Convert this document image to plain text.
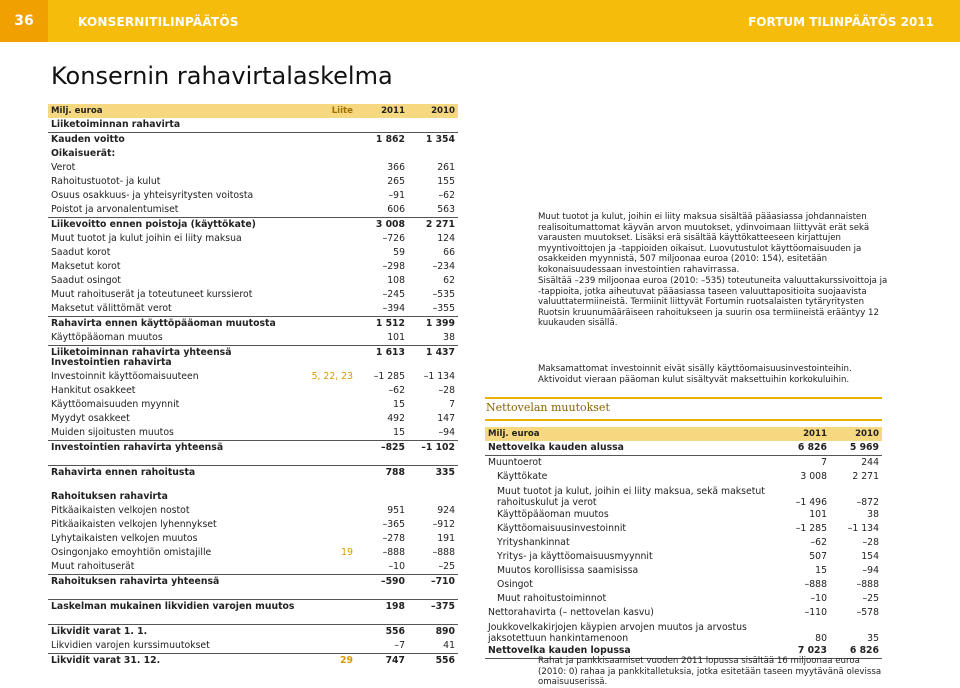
36	KONSERNITILINPÄÄTÖS	FORTUM TILINPÄÄTÖS 2011
Konsernin rahavirtalaskelma
Milj. euroa	Liite	2011	2010
Liiketoiminnan rahavirta			
Kauden voitto		1 862	1 354
Oikaisuerät:			
Verot		366	261
Rahoitustuotot- ja kulut		265	155
Osuus osakkuus- ja yhteisyritysten voitosta		–91	–62
Poistot ja arvonalentumiset		606	563
Liikevoitto ennen poistoja (käyttökate)		3 008	2 271
Muut tuotot ja kulut joihin ei liity maksua		–726	124
Saadut korot		59	66
Maksetut korot		–298	–234
Saadut osingot		108	62
Muut rahoituserät ja toteutuneet kurssierot		–245	–535
Maksetut välittömät verot		–394	–355
Rahavirta ennen käyttöpääoman muutosta		1 512	1 399
Käyttöpääoman muutos		101	38
Liiketoiminnan rahavirta yhteensä		1 613	1 437
Investointien rahavirta			
Investoinnit käyttöomaisuuteen	5, 22, 23	–1 285	–1 134
Hankitut osakkeet		–62	–28
Käyttöomaisuuden myynnit		15	7
Myydyt osakkeet		492	147
Muiden sijoitusten muutos		15	–94
Investointien rahavirta yhteensä		–825	–1 102

Rahavirta ennen rahoitusta		788	335

Rahoituksen rahavirta			
Pitkäaikaisten velkojen nostot		951	924
Pitkäaikaisten velkojen lyhennykset		–365	–912
Lyhytaikaisten velkojen muutos		–278	191
Osingonjako emoyhtiön omistajille	19	–888	–888
Muut rahoituserät		–10	–25
Rahoituksen rahavirta yhteensä		–590	–710

Laskelman mukainen likvidien varojen muutos		198	–375

Likvidit varat 1. 1.		556	890
Likvidien varojen kurssimuutokset		–7	41
Likvidit varat 31. 12.	29	747	556

Muut tuotot ja kulut, joihin ei liity maksua sisältää pääasiassa johdannaisten realisoitumattomat käyvän arvon muutokset, ydinvoimaan liittyvät erät sekä varausten muutokset. Lisäksi erä sisältää käyttökatteeseen kirjattujen myyntivoittojen ja -tappioiden oikaisut. Luovutustulot käyttöomaisuuden ja osakkeiden myynnistä, 507 miljoonaa euroa (2010: 154), esitetään kokonaisuudessaan investointien rahavirrassa.

Sisältää –239 miljoonaa euroa (2010: –535) toteutuneita valuuttakurssivoittoja ja -tappioita, jotka aiheutuvat pääasiassa taseen valuuttapositioita suojaavista valuuttatermiineistä. Termiinit liittyvät Fortumin ruotsalaisten tytäryritysten Ruotsin kruunumääräiseen rahoitukseen ja suurin osa termiineistä erääntyy 12 kuukauden sisällä.

Maksamattomat investoinnit eivät sisälly käyttöomaisuusinvestointeihin. Aktivoidut vieraan pääoman kulut sisältyvät maksettuihin korkokuluihin.

Nettovelan muutokset
Milj. euroa	2011	2010
Nettovelka kauden alussa	6 826	5 969
Muuntoerot	7	244
Käyttökate	3 008	2 271
Muut tuotot ja kulut, joihin ei liity maksua, sekä maksetut rahoituskulut ja verot	–1 496	–872
Käyttöpääoman muutos	101	38
Käyttöomaisuusinvestoinnit	–1 285	–1 134
Yrityshankinnat	–62	–28
Yritys- ja käyttöomaisuusmyynnit	507	154
Muutos korollisissa saamisissa	15	–94
Osingot	–888	–888
Muut rahoitustoiminnot	–10	–25
Nettorahavirta (– nettovelan kasvu)	–110	–578
Joukkovelkakirjojen käypien arvojen muutos ja arvostus jaksotettuun hankintamenoon	80	35
Nettovelka kauden lopussa	7 023	6 826

Rahat ja pankkisaamiset vuoden 2011 lopussa sisältää 16 miljoonaa euroa (2010: 0) rahaa ja pankkitalletuksia, jotka esitetään taseen myytävänä olevissa omaisuuserissä.
